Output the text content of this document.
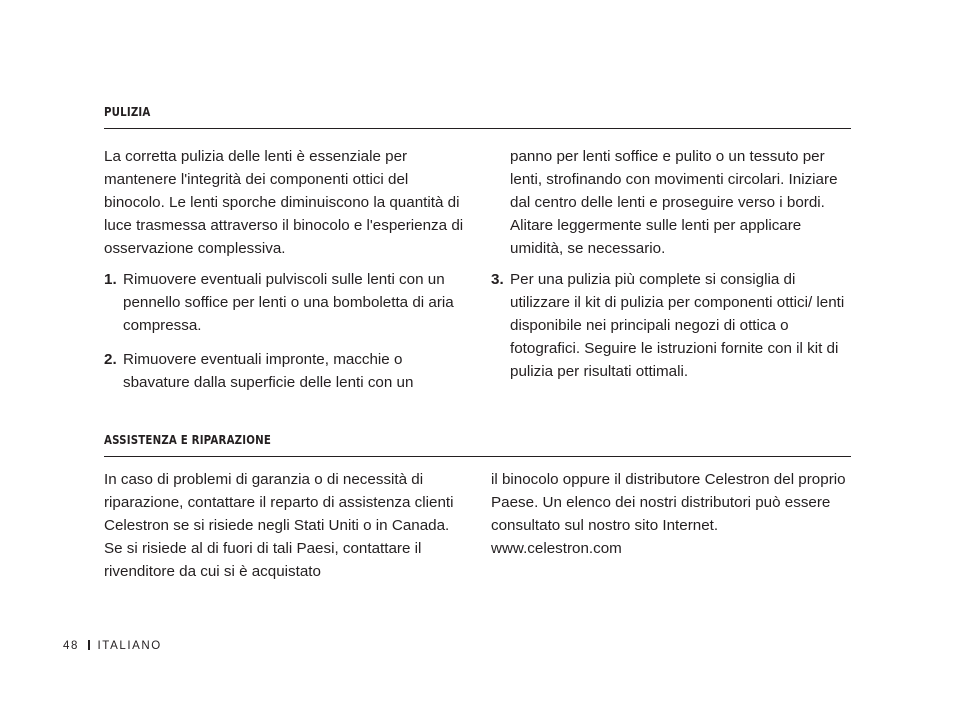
PULIZIA

La corretta pulizia delle lenti è essenziale per mantenere l'integrità dei componenti ottici del binocolo. Le lenti sporche diminuiscono la quantità di luce trasmessa attraverso il binocolo e l'esperienza di osservazione complessiva.

1. Rimuovere eventuali pulviscoli sulle lenti con un pennello soffice per lenti o una bomboletta di aria compressa.
2. Rimuovere eventuali impronte, macchie o sbavature dalla superficie delle lenti con un

panno per lenti soffice e pulito o un tessuto per lenti, strofinando con movimenti circolari. Iniziare dal centro delle lenti e proseguire verso i bordi. Alitare leggermente sulle lenti per applicare umidità, se necessario.

3. Per una pulizia più complete si consiglia di utilizzare il kit di pulizia per componenti ottici/ lenti disponibile nei principali negozi di ottica o fotografici. Seguire le istruzioni fornite con il kit di pulizia per risultati ottimali.
ASSISTENZA E RIPARAZIONE

In caso di problemi di garanzia o di necessità di riparazione, contattare il reparto di assistenza clienti Celestron se si risiede negli Stati Uniti o in Canada. Se si risiede al di fuori di tali Paesi, contattare il rivenditore da cui si è acquistato

il binocolo oppure il distributore Celestron del proprio Paese. Un elenco dei nostri distributori può essere consultato sul nostro sito Internet. www.celestron.com

48 ITALIANO
